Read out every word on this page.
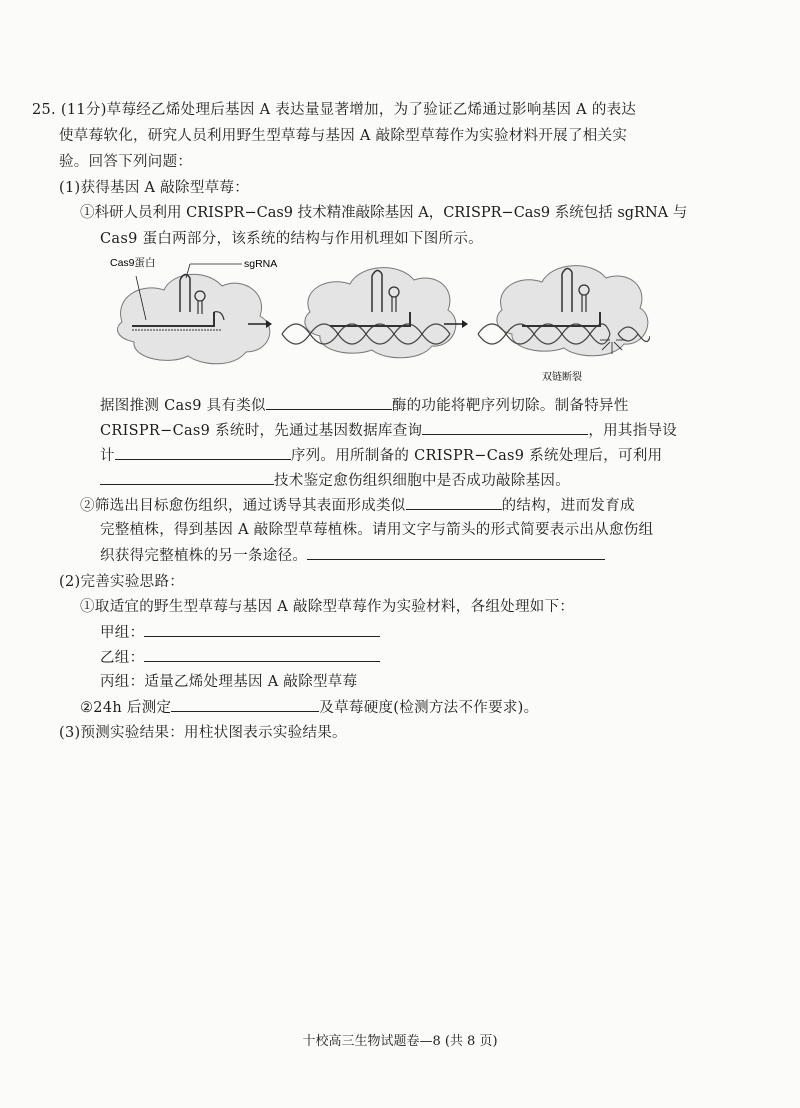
25. (11分)草莓经乙烯处理后基因 A 表达量显著增加，为了验证乙烯通过影响基因 A 的表达
使草莓软化，研究人员利用野生型草莓与基因 A 敲除型草莓作为实验材料开展了相关实
验。回答下列问题：
(1)获得基因 A 敲除型草莓：
①科研人员利用 CRISPR−Cas9 技术精准敲除基因 A，CRISPR−Cas9 系统包括 sgRNA 与
Cas9 蛋白两部分，该系统的结构与作用机理如下图所示。
Cas9蛋白	sgRNA
双链断裂
据图推测 Cas9 具有类似	酶的功能将靶序列切除。制备特异性
CRISPR−Cas9 系统时，先通过基因数据库查询	，用其指导设
计	序列。用所制备的 CRISPR−Cas9 系统处理后，可利用
技术鉴定愈伤组织细胞中是否成功敲除基因。
②筛选出目标愈伤组织，通过诱导其表面形成类似	的结构，进而发育成
完整植株，得到基因 A 敲除型草莓植株。请用文字与箭头的形式简要表示出从愈伤组
织获得完整植株的另一条途径。
(2)完善实验思路：
①取适宜的野生型草莓与基因 A 敲除型草莓作为实验材料，各组处理如下：
甲组：
乙组：
丙组：适量乙烯处理基因 A 敲除型草莓
②24h 后测定	及草莓硬度(检测方法不作要求)。
(3)预测实验结果：用柱状图表示实验结果。
十校高三生物试题卷—8 (共 8 页)
